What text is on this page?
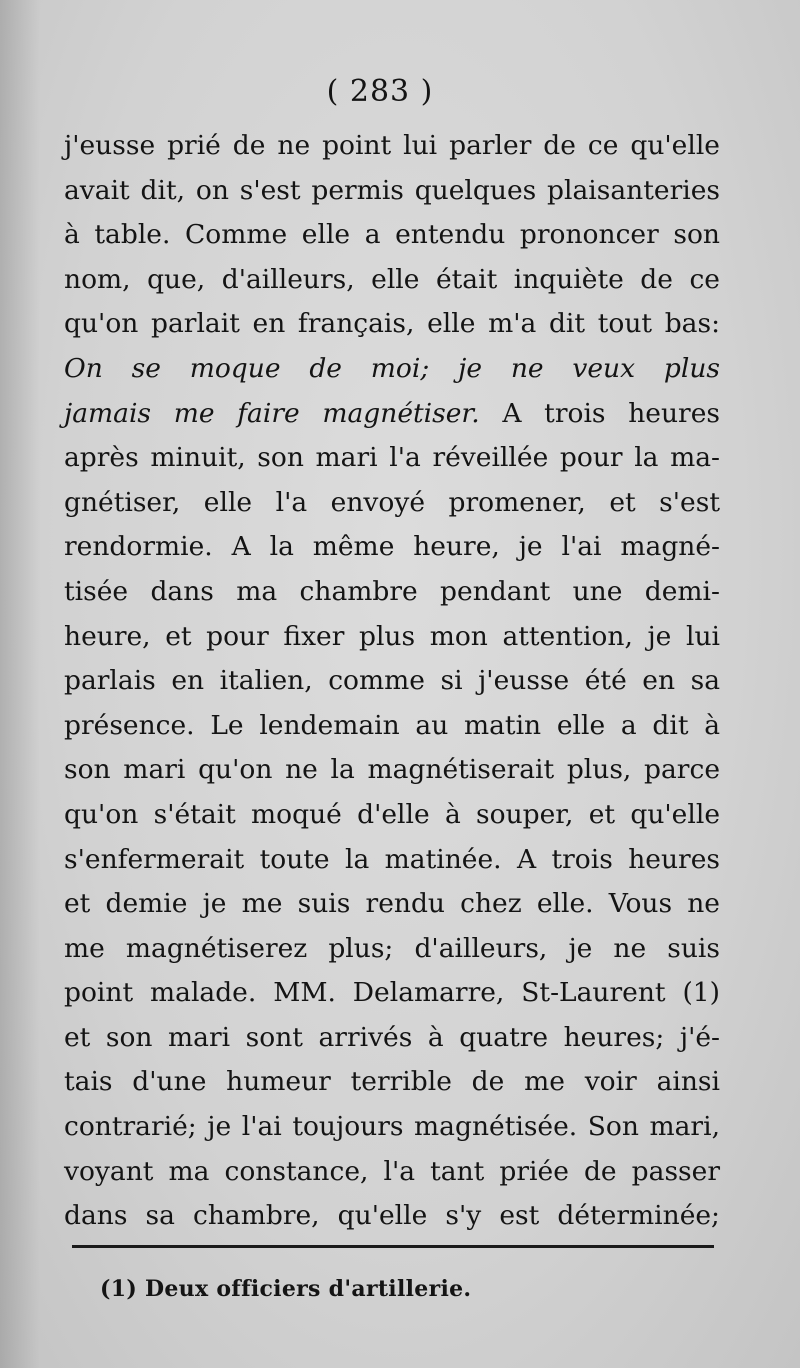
( 283 )
j'eusse prié de ne point lui parler de ce qu'elle
avait dit, on s'est permis quelques plaisanteries
à table. Comme elle a entendu prononcer son
nom, que, d'ailleurs, elle était inquiète de ce
qu'on parlait en français, elle m'a dit tout bas:
On se moque de moi; je ne veux plus
jamais me faire magnétiser. A trois heures
après minuit, son mari l'a réveillée pour la ma-
gnétiser, elle l'a envoyé promener, et s'est
rendormie. A la même heure, je l'ai magné-
tisée dans ma chambre pendant une demi-
heure, et pour fixer plus mon attention, je lui
parlais en italien, comme si j'eusse été en sa
présence. Le lendemain au matin elle a dit à
son mari qu'on ne la magnétiserait plus, parce
qu'on s'était moqué d'elle à souper, et qu'elle
s'enfermerait toute la matinée. A trois heures
et demie je me suis rendu chez elle. Vous ne
me magnétiserez plus; d'ailleurs, je ne suis
point malade. MM. Delamarre, St-Laurent (1)
et son mari sont arrivés à quatre heures; j'é-
tais d'une humeur terrible de me voir ainsi
contrarié; je l'ai toujours magnétisée. Son mari,
voyant ma constance, l'a tant priée de passer
dans sa chambre, qu'elle s'y est déterminée;
(1) Deux officiers d'artillerie.
